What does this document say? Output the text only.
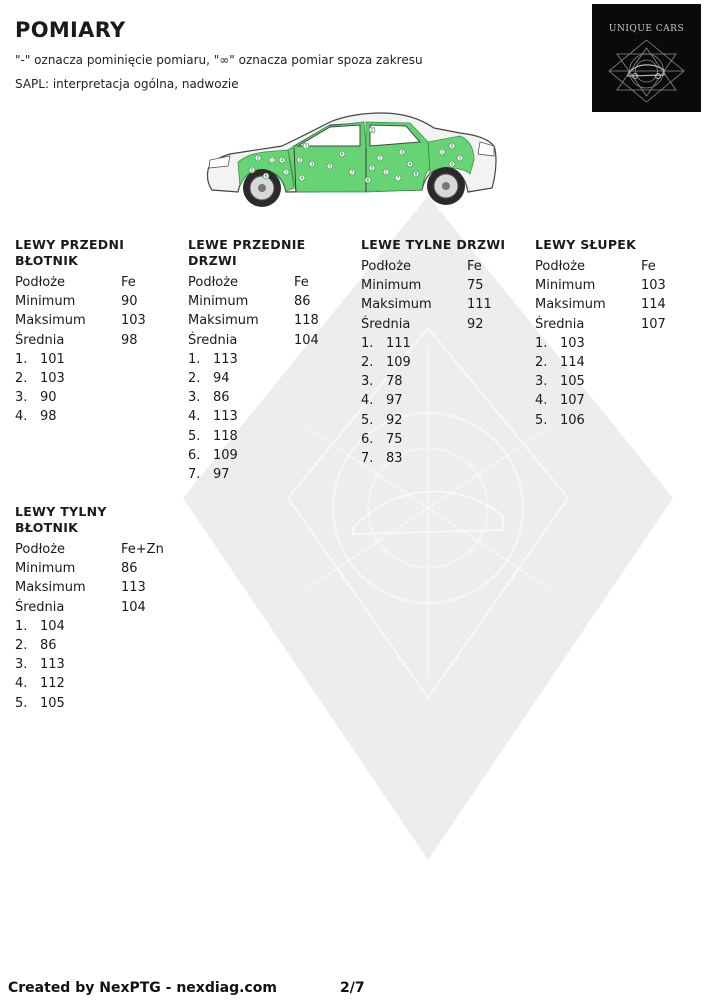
POMIARY
"-" oznacza pominięcie pomiaru, "∞" oznacza pomiar spoza zakresu
SAPL: interpretacja ogólna, nadwozie
UNIQUE CARS
2	1
5
6
3
4
1
2
3
4
5
6
7
1
5
2
6
3
4
7
8
1
5
3
4
2
LEWY PRZEDNI
BŁOTNIK
Podłoże	Fe
Minimum	90
Maksimum	103
Średnia	98
1. 101
2. 103
3. 90
4. 98
LEWE PRZEDNIE
DRZWI
Podłoże	Fe
Minimum	86
Maksimum	118
Średnia	104
1. 113
2. 94
3. 86
4. 113
5. 118
6. 109
7. 97
LEWE TYLNE DRZWI
Podłoże	Fe
Minimum	75
Maksimum	111
Średnia	92
1. 111
2. 109
3. 78
4. 97
5. 92
6. 75
7. 83
LEWY SŁUPEK
Podłoże	Fe
Minimum	103
Maksimum	114
Średnia	107
1. 103
2. 114
3. 105
4. 107
5. 106
LEWY TYLNY
BŁOTNIK
Podłoże	Fe+Zn
Minimum	86
Maksimum	113
Średnia	104
1. 104
2. 86
3. 113
4. 112
5. 105
Created by NexPTG - nexdiag.com	2/7
